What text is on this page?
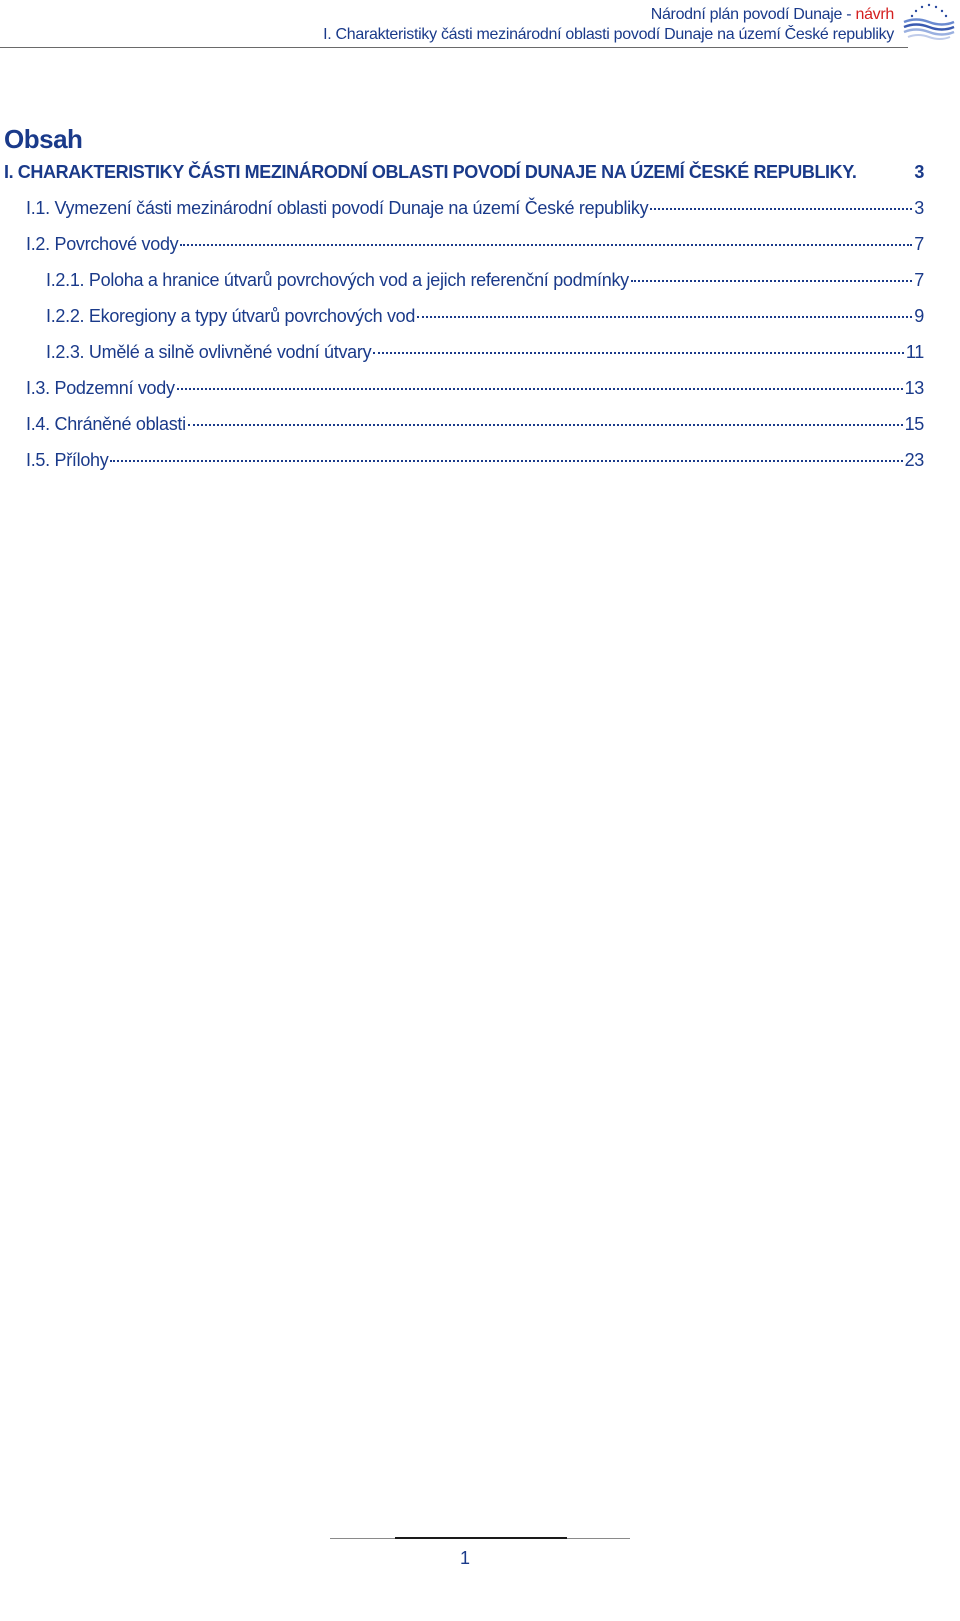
Národní plán povodí Dunaje - návrh
I. Charakteristiky části mezinárodní oblasti povodí Dunaje na území České republiky
Obsah
I. CHARAKTERISTIKY ČÁSTI MEZINÁRODNÍ OBLASTI POVODÍ DUNAJE NA ÚZEMÍ ČESKÉ REPUBLIKY.	3
I.1. Vymezení části mezinárodní oblasti povodí Dunaje na území České republiky	3
I.2. Povrchové vody	7
I.2.1. Poloha a hranice útvarů povrchových vod a jejich referenční podmínky	7
I.2.2. Ekoregiony a typy útvarů povrchových vod	9
I.2.3. Umělé a silně ovlivněné vodní útvary	11
I.3. Podzemní vody	13
I.4. Chráněné oblasti	15
I.5. Přílohy	23
1
